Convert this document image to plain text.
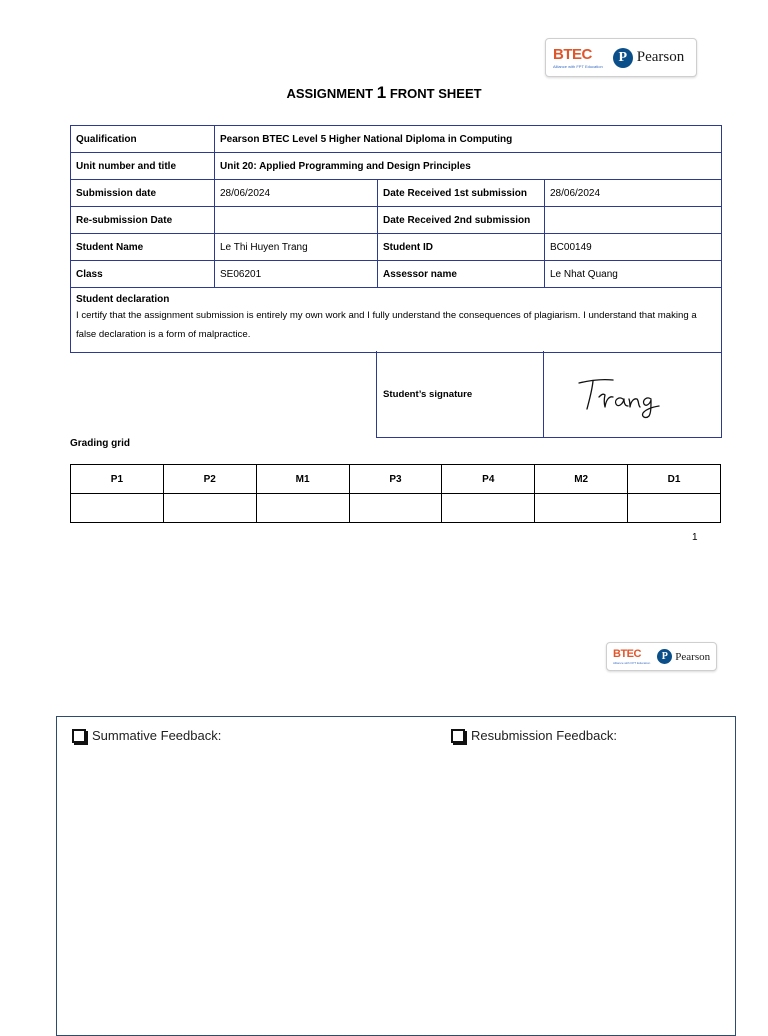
BTEC
Alliance with FPT Education
P Pearson
ASSIGNMENT 1 FRONT SHEET
Qualification	Pearson BTEC Level 5 Higher National Diploma in Computing		
Unit number and title	Unit 20: Applied Programming and Design Principles		
Submission date	28/06/2024	Date Received 1st submission	28/06/2024
Re-submission Date		Date Received 2nd submission	
Student Name	Le Thi Huyen Trang	Student ID	BC00149
Class	SE06201	Assessor name	Le Nhat Quang

Student declaration
I certify that the assignment submission is entirely my own work and I fully understand the consequences of plagiarism. I understand that making a false declaration is a form of malpractice.			
Student’s signature
Grading grid
P1	P2	M1	P3	P4	M2	D1

1
BTEC
Alliance with FPT Education
P Pearson
Summative Feedback:	Resubmission Feedback:
